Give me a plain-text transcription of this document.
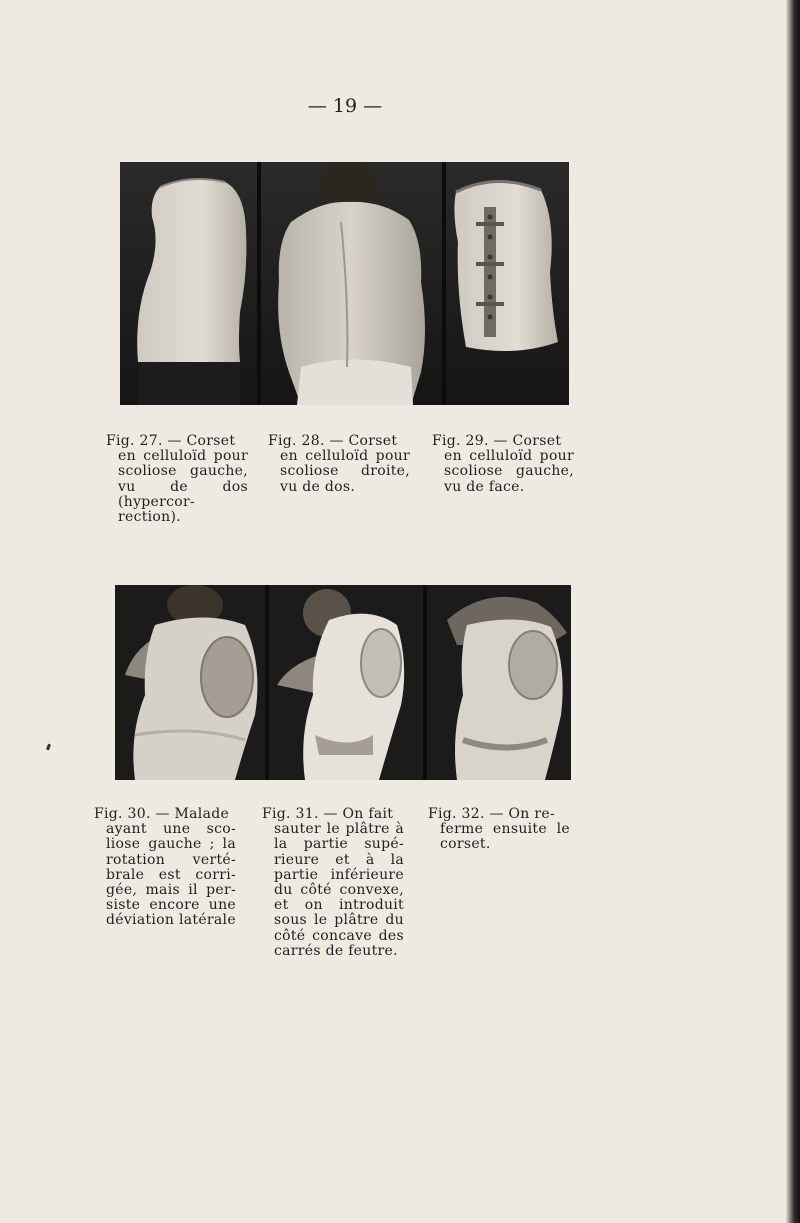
— 19 —
Fig. 27. — Corset
en celluloïd pour scoliose gauche, vu de dos (hypercor-rection).
Fig. 28. — Corset
en celluloïd pour scoliose droite, vu de dos.
Fig. 29. — Corset
en celluloïd pour scoliose gauche, vu de face.
Fig. 30. — Malade
ayant une sco-liose gauche ; la rotation verté-brale est corri-gée, mais il per-siste encore une déviation latérale
Fig. 31. — On fait
sauter le plâtre à la partie supé-rieure et à la partie inférieure du côté convexe, et on introduit sous le plâtre du côté concave des carrés de feutre.
Fig. 32. — On re-
ferme ensuite le corset.
